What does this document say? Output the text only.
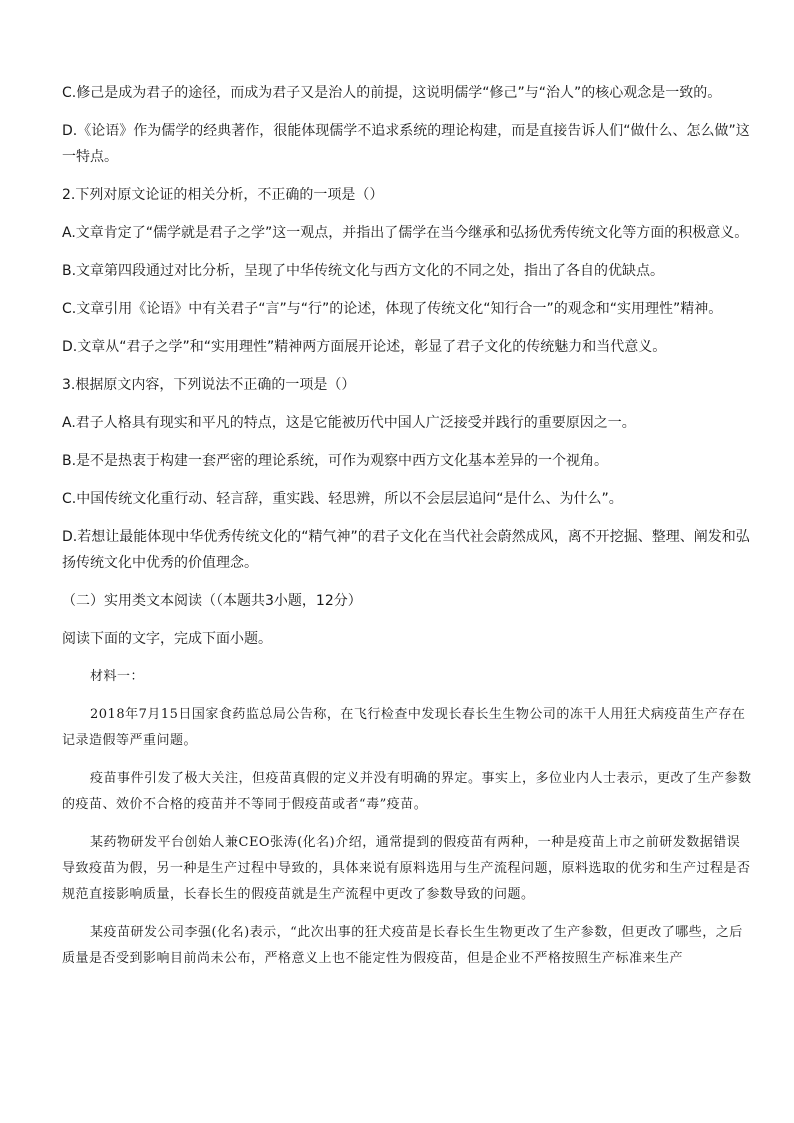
C.修己是成为君子的途径，而成为君子又是治人的前提，这说明儒学“修己”与“治人”的核心观念是一致的。

D.《论语》作为儒学的经典著作，很能体现儒学不追求系统的理论构建，而是直接告诉人们“做什么、怎么做”这一特点。

2.下列对原文论证的相关分析，不正确的一项是（）

A.文章肯定了“儒学就是君子之学”这一观点，并指出了儒学在当今继承和弘扬优秀传统文化等方面的积极意义。

B.文章第四段通过对比分析，呈现了中华传统文化与西方文化的不同之处，指出了各自的优缺点。

C.文章引用《论语》中有关君子“言”与“行”的论述，体现了传统文化“知行合一”的观念和“实用理性”精神。

D.文章从“君子之学”和“实用理性”精神两方面展开论述，彰显了君子文化的传统魅力和当代意义。

3.根据原文内容，下列说法不正确的一项是（）

A.君子人格具有现实和平凡的特点，这是它能被历代中国人广泛接受并践行的重要原因之一。

B.是不是热衷于构建一套严密的理论系统，可作为观察中西方文化基本差异的一个视角。

C.中国传统文化重行动、轻言辞，重实践、轻思辨，所以不会层层追问“是什么、为什么”。

D.若想让最能体现中华优秀传统文化的“精气神”的君子文化在当代社会蔚然成风，离不开挖掘、整理、阐发和弘扬传统文化中优秀的价值理念。

（二）实用类文本阅读（（本题共3小题，12分）

阅读下面的文字，完成下面小题。

材料一：

2018年7月15日国家食药监总局公告称，在飞行检查中发现长春长生生物公司的冻干人用狂犬病疫苗生产存在记录造假等严重问题。

疫苗事件引发了极大关注，但疫苗真假的定义并没有明确的界定。事实上，多位业内人士表示，更改了生产参数的疫苗、效价不合格的疫苗并不等同于假疫苗或者“毒”疫苗。

某药物研发平台创始人兼CEO张涛(化名)介绍，通常提到的假疫苗有两种，一种是疫苗上市之前研发数据错误导致疫苗为假，另一种是生产过程中导致的，具体来说有原料选用与生产流程问题，原料选取的优劣和生产过程是否规范直接影响质量，长春长生的假疫苗就是生产流程中更改了参数导致的问题。

某疫苗研发公司李强(化名)表示，“此次出事的狂犬疫苗是长春长生生物更改了生产参数，但更改了哪些，之后质量是否受到影响目前尚未公布，严格意义上也不能定性为假疫苗，但是企业不严格按照生产标准来生产
